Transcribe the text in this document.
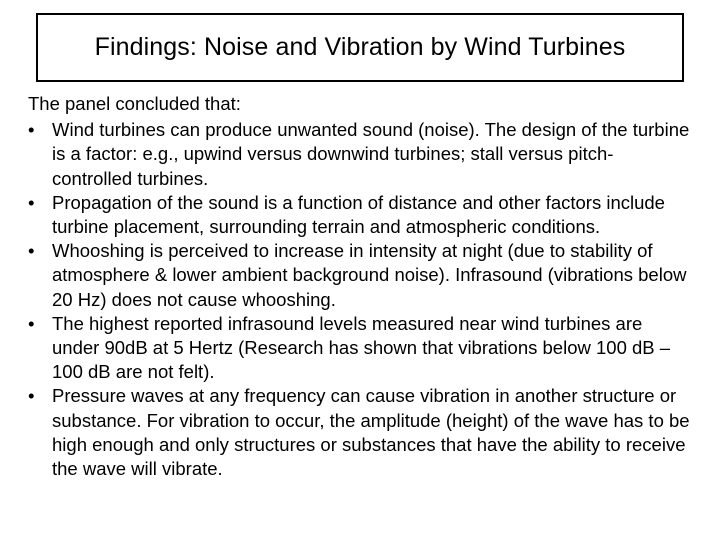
Findings: Noise and Vibration by Wind Turbines

The panel concluded that:

• Wind turbines can produce unwanted sound (noise). The design of the turbine is a factor: e.g., upwind versus downwind turbines; stall versus pitch-controlled turbines.
• Propagation of the sound is a function of distance and other factors include turbine placement, surrounding terrain and atmospheric conditions.
• Whooshing is perceived to increase in intensity at night (due to stability of atmosphere & lower ambient background noise). Infrasound (vibrations below 20 Hz) does not cause whooshing.
• The highest reported infrasound levels measured near wind turbines are under 90dB at 5 Hertz (Research has shown that vibrations below 100 dB – 100 dB are not felt).
• Pressure waves at any frequency can cause vibration in another structure or substance. For vibration to occur, the amplitude (height) of the wave has to be high enough and only structures or substances that have the ability to receive the wave will vibrate.
